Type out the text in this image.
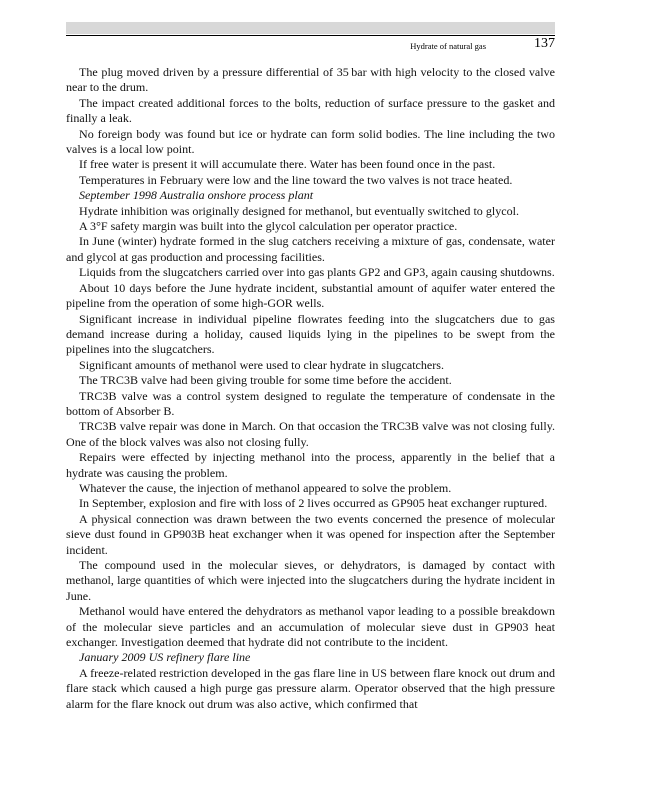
Hydrate of natural gas	137

The plug moved driven by a pressure differential of 35 bar with high velocity to the closed valve near to the drum.

The impact created additional forces to the bolts, reduction of surface pressure to the gasket and finally a leak.

No foreign body was found but ice or hydrate can form solid bodies. The line including the two valves is a local low point.

If free water is present it will accumulate there. Water has been found once in the past.

Temperatures in February were low and the line toward the two valves is not trace heated.

September 1998 Australia onshore process plant

Hydrate inhibition was originally designed for methanol, but eventually switched to glycol.

A 3°F safety margin was built into the glycol calculation per operator practice.

In June (winter) hydrate formed in the slug catchers receiving a mixture of gas, condensate, water and glycol at gas production and processing facilities.

Liquids from the slugcatchers carried over into gas plants GP2 and GP3, again causing shutdowns.

About 10 days before the June hydrate incident, substantial amount of aquifer water entered the pipeline from the operation of some high-GOR wells.

Significant increase in individual pipeline flowrates feeding into the slugcatchers due to gas demand increase during a holiday, caused liquids lying in the pipelines to be swept from the pipelines into the slugcatchers.

Significant amounts of methanol were used to clear hydrate in slugcatchers.

The TRC3B valve had been giving trouble for some time before the accident.

TRC3B valve was a control system designed to regulate the temperature of condensate in the bottom of Absorber B.

TRC3B valve repair was done in March. On that occasion the TRC3B valve was not closing fully. One of the block valves was also not closing fully.

Repairs were effected by injecting methanol into the process, apparently in the belief that a hydrate was causing the problem.

Whatever the cause, the injection of methanol appeared to solve the problem.

In September, explosion and fire with loss of 2 lives occurred as GP905 heat exchanger ruptured.

A physical connection was drawn between the two events concerned the presence of molecular sieve dust found in GP903B heat exchanger when it was opened for inspection after the September incident.

The compound used in the molecular sieves, or dehydrators, is damaged by contact with methanol, large quantities of which were injected into the slugcatchers during the hydrate incident in June.

Methanol would have entered the dehydrators as methanol vapor leading to a possible breakdown of the molecular sieve particles and an accumulation of molecular sieve dust in GP903 heat exchanger. Investigation deemed that hydrate did not contribute to the incident.

January 2009 US refinery flare line

A freeze-related restriction developed in the gas flare line in US between flare knock out drum and flare stack which caused a high purge gas pressure alarm. Operator observed that the high pressure alarm for the flare knock out drum was also active, which confirmed that
